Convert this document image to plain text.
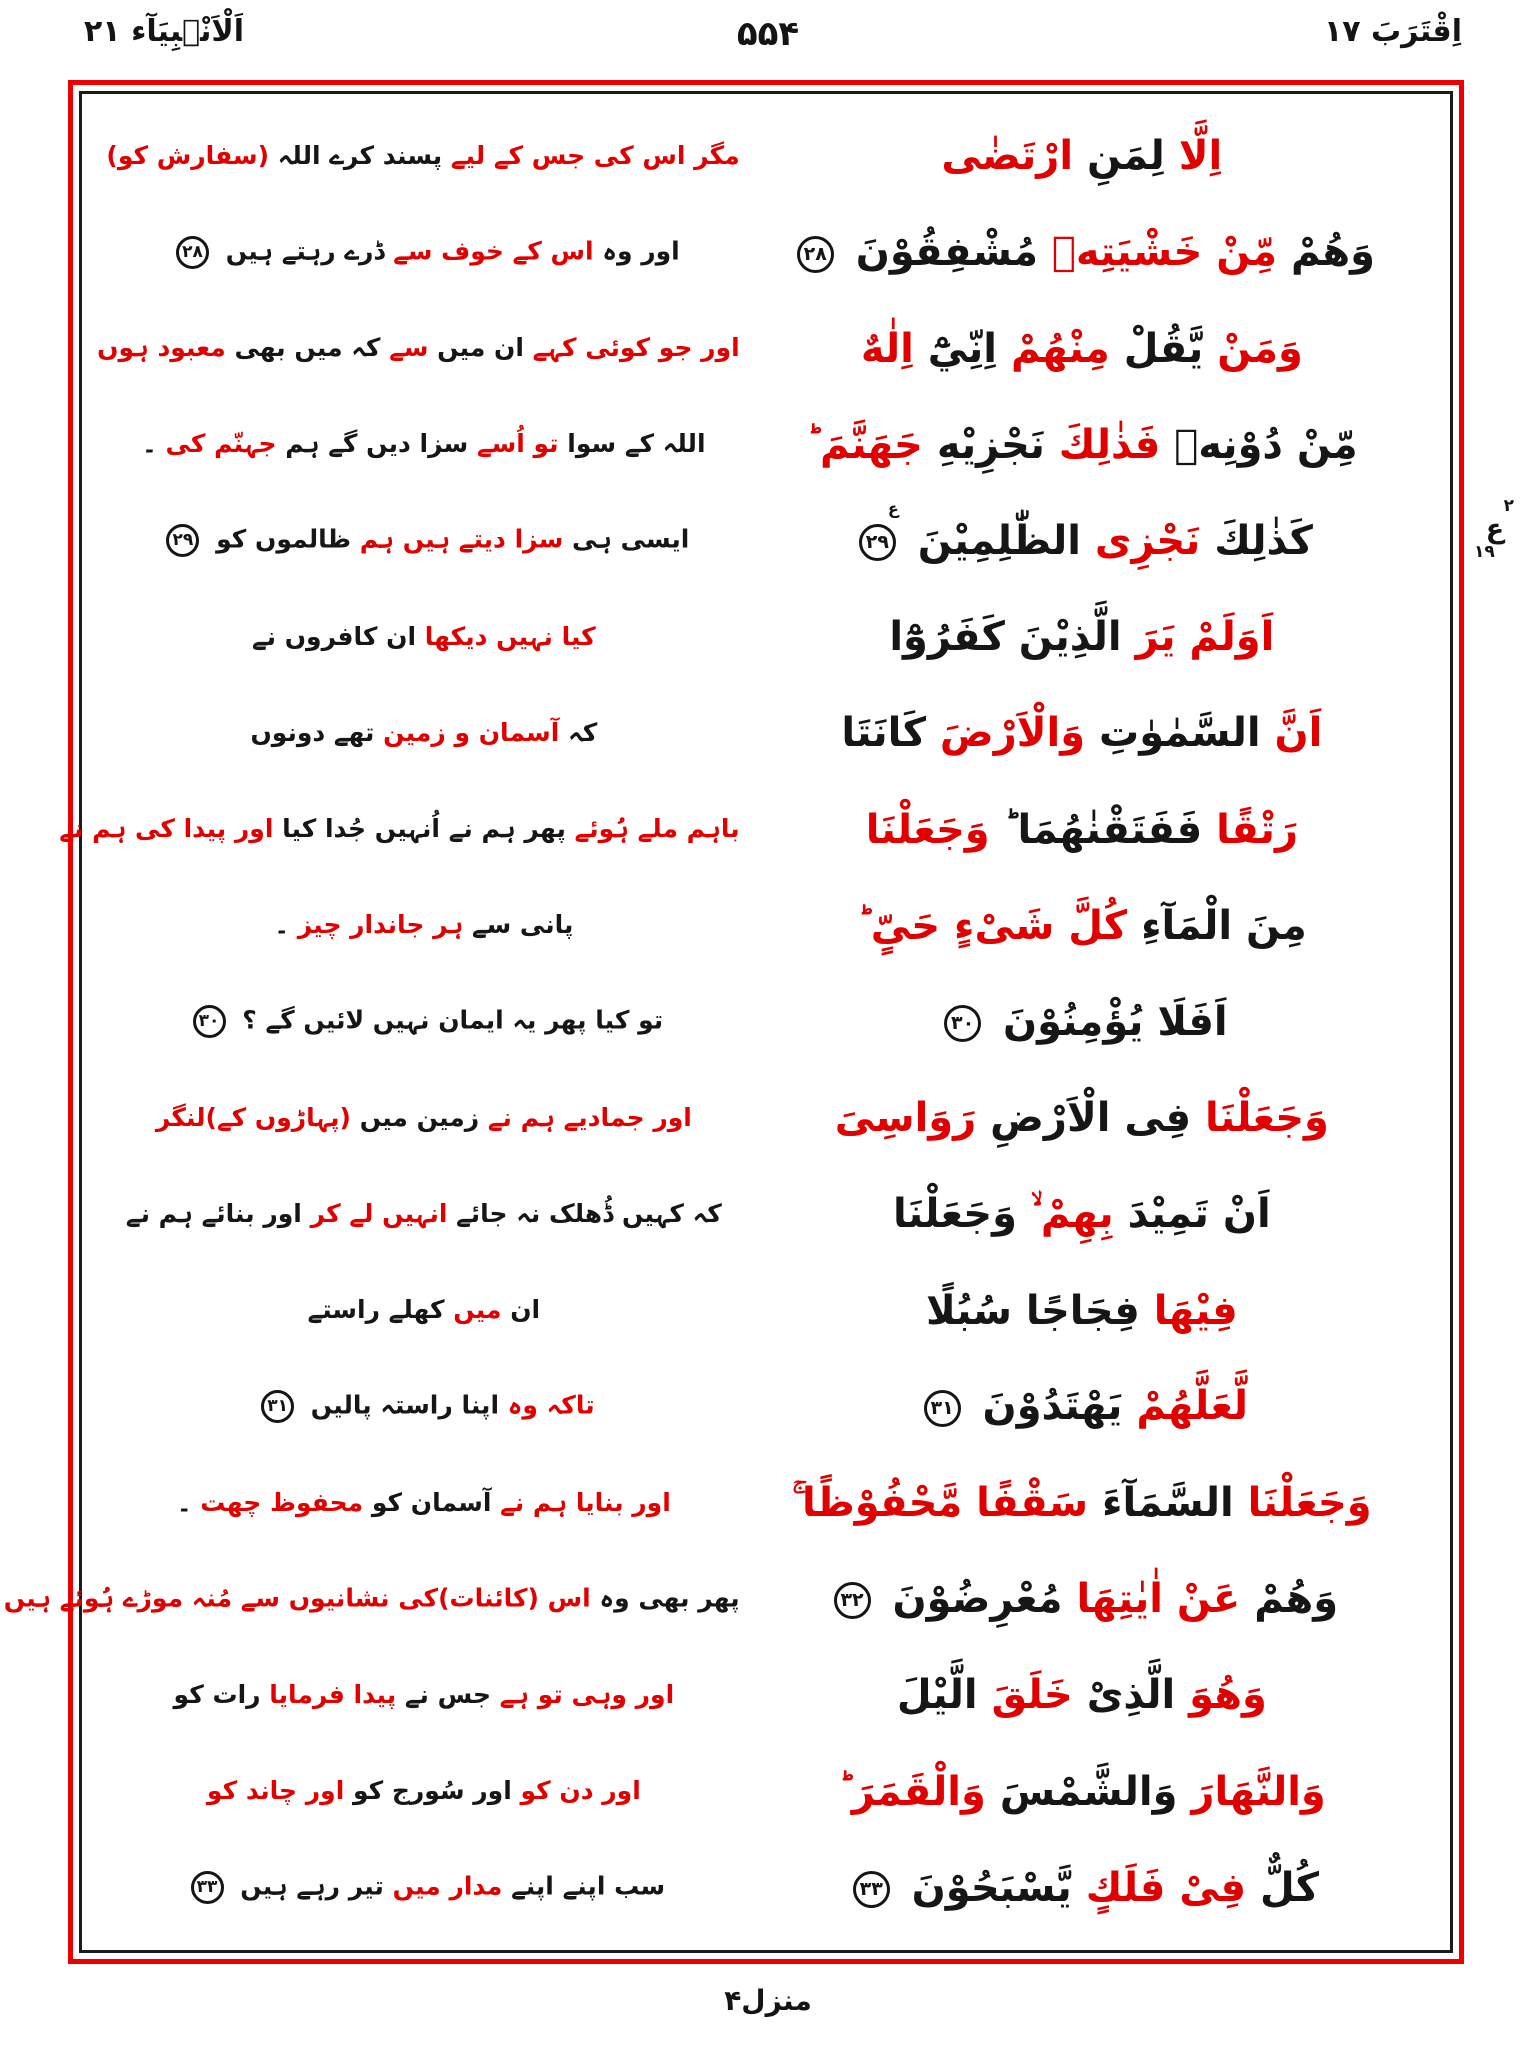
اَلْاَنْۢبِيَآء ۲۱	۵۵۴	اِقْتَرَبَ ۱۷
اِلَّا لِمَنِ ارْتَضٰى
مگر اس کی جس کے لیے پسند کرے اللہ (سفارش کو)
وَهُمْ مِّنْ خَشْيَتِهٖ مُشْفِقُوْنَ ۲۸
اور وہ اس کے خوف سے ڈرے رہتے ہیں ۲۸
وَمَنْ يَّقُلْ مِنْهُمْ اِنِّيْٓ اِلٰهٌ
اور جو کوئی کہے ان میں سے کہ میں بھی معبود ہوں
مِّنْ دُوْنِهٖ فَذٰلِكَ نَجْزِيْهِ جَهَنَّمَ ؕ
اللہ کے سوا تو اُسے سزا دیں گے ہم جہنّم کی ۔
كَذٰلِكَ نَجْزِی الظّٰلِمِيْنَ ۲۹
ع
ایسی ہی سزا دیتے ہیں ہم ظالموں کو ۲۹
اَوَلَمْ يَرَ الَّذِيْنَ كَفَرُوْٓا
کیا نہیں دیکھا ان کافروں نے
اَنَّ السَّمٰوٰتِ وَالْاَرْضَ كَانَتَا
کہ آسمان و زمین تھے دونوں
رَتْقًا فَفَتَقْنٰهُمَا ؕ وَجَعَلْنَا
باہم ملے ہُوئے پھر ہم نے اُنہیں جُدا کیا اور پیدا کی ہم نے
مِنَ الْمَآءِ كُلَّ شَیْءٍ حَیٍّ ؕ
پانی سے ہر جاندار چیز ۔
اَفَلَا يُؤْمِنُوْنَ ۳۰
تو کیا پھر یہ ایمان نہیں لائیں گے ؟ ۳۰
وَجَعَلْنَا فِی الْاَرْضِ رَوَاسِیَ
اور جمادیے ہم نے زمین میں (پہاڑوں کے)لنگر
اَنْ تَمِيْدَ بِهِمْ ۙ وَجَعَلْنَا
کہ کہیں ڈُھلک نہ جائے انہیں لے کر اور بنائے ہم نے
فِيْهَا فِجَاجًا سُبُلًا
ان میں کھلے راستے
لَّعَلَّهُمْ يَهْتَدُوْنَ ۳۱
تاکہ وہ اپنا راستہ پالیں ۳۱
وَجَعَلْنَا السَّمَآءَ سَقْفًا مَّحْفُوْظًا ۚ
اور بنایا ہم نے آسمان کو محفوظ چھت ۔
وَهُمْ عَنْ اٰيٰتِهَا مُعْرِضُوْنَ ۳۲
پھر بھی وہ اس (کائنات)کی نشانیوں سے مُنہ موڑے ہُوئے ہیں
وَهُوَ الَّذِیْ خَلَقَ الَّيْلَ
اور وہی تو ہے جس نے پیدا فرمایا رات کو
وَالنَّهَارَ وَالشَّمْسَ وَالْقَمَرَ ؕ
اور دن کو اور سُورج کو اور چاند کو
كُلٌّ فِیْ فَلَكٍ يَّسْبَحُوْنَ ۳۳
سب اپنے اپنے مدار میں تیر رہے ہیں ۳۳
۲
ع
۱۹
منزل۴
